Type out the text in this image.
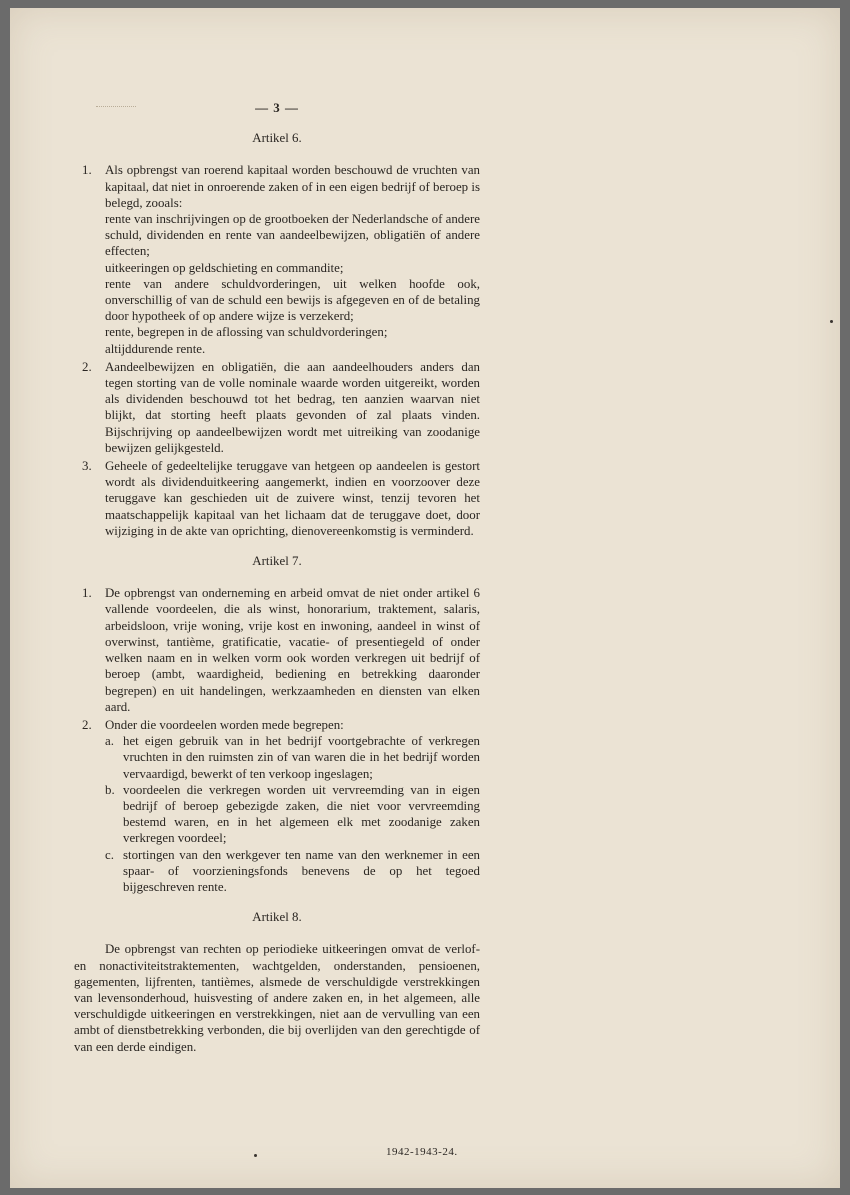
— 3 —

Artikel 6.

1. Als opbrengst van roerend kapitaal worden beschouwd de vruchten van kapitaal, dat niet in onroerende zaken of in een eigen bedrijf of beroep is belegd, zooals:

rente van inschrijvingen op de grootboeken der Nederlandsche of andere schuld, dividenden en rente van aandeelbewijzen, obligatiën of andere effecten;

uitkeeringen op geldschieting en commandite;

rente van andere schuldvorderingen, uit welken hoofde ook, onverschillig of van de schuld een bewijs is afgegeven en of de betaling door hypotheek of op andere wijze is verzekerd;

rente, begrepen in de aflossing van schuldvorderingen;

altijddurende rente.

2. Aandeelbewijzen en obligatiën, die aan aandeelhouders anders dan tegen storting van de volle nominale waarde worden uitgereikt, worden als dividenden beschouwd tot het bedrag, ten aanzien waarvan niet blijkt, dat storting heeft plaats gevonden of zal plaats vinden. Bijschrijving op aandeelbewijzen wordt met uitreiking van zoodanige bewijzen gelijkgesteld.

3. Geheele of gedeeltelijke teruggave van hetgeen op aandeelen is gestort wordt als dividenduitkeering aangemerkt, indien en voorzoover deze teruggave kan geschieden uit de zuivere winst, tenzij tevoren het maatschappelijk kapitaal van het lichaam dat de teruggave doet, door wijziging in de akte van oprichting, dienovereenkomstig is verminderd.

Artikel 7.

1. De opbrengst van onderneming en arbeid omvat de niet onder artikel 6 vallende voordeelen, die als winst, honorarium, traktement, salaris, arbeidsloon, vrije woning, vrije kost en inwoning, aandeel in winst of overwinst, tantième, gratificatie, vacatie- of presentiegeld of onder welken naam en in welken vorm ook worden verkregen uit bedrijf of beroep (ambt, waardigheid, bediening en betrekking daaronder begrepen) en uit handelingen, werkzaamheden en diensten van elken aard.

2. Onder die voordeelen worden mede begrepen:

a. het eigen gebruik van in het bedrijf voortgebrachte of verkregen vruchten in den ruimsten zin of van waren die in het bedrijf worden vervaardigd, bewerkt of ten verkoop ingeslagen;

b. voordeelen die verkregen worden uit vervreemding van in eigen bedrijf of beroep gebezigde zaken, die niet voor vervreemding bestemd waren, en in het algemeen elk met zoodanige zaken verkregen voordeel;

c. stortingen van den werkgever ten name van den werknemer in een spaar- of voorzieningsfonds benevens de op het tegoed bijgeschreven rente.

Artikel 8.

De opbrengst van rechten op periodieke uitkeeringen omvat de verlof- en nonactiviteitstraktementen, wachtgelden, onderstanden, pensioenen, gagementen, lijfrenten, tantièmes, alsmede de verschuldigde verstrekkingen van levensonderhoud, huisvesting of andere zaken en, in het algemeen, alle verschuldigde uitkeeringen en verstrekkingen, niet aan de vervulling van een ambt of dienstbetrekking verbonden, die bij overlijden van den gerechtigde of van een derde eindigen.

1942-1943-24.
